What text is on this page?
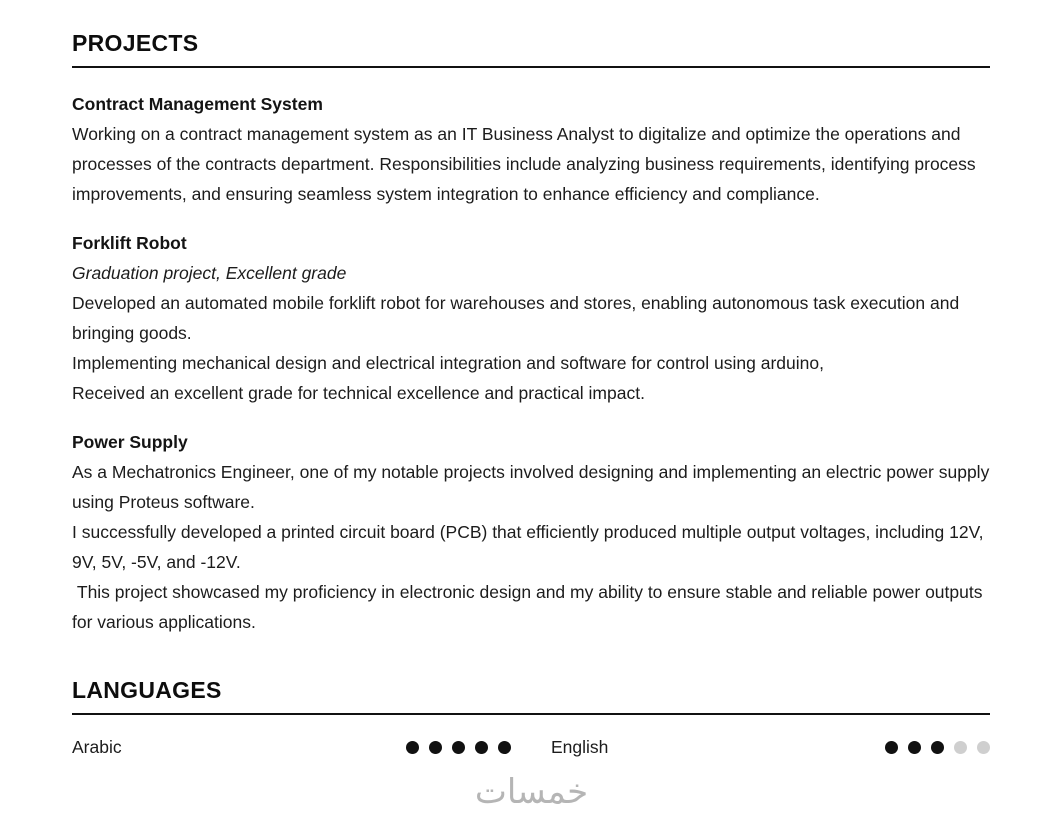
PROJECTS
Contract Management System
Working on a contract management system as an IT Business Analyst to digitalize and optimize the operations and processes of the contracts department. Responsibilities include analyzing business requirements, identifying process improvements, and ensuring seamless system integration to enhance efficiency and compliance.
Forklift Robot
Graduation project, Excellent grade
Developed an automated mobile forklift robot for warehouses and stores, enabling autonomous task execution and bringing goods.
Implementing mechanical design and electrical integration and software for control using arduino,
Received an excellent grade for technical excellence and practical impact.
Power Supply
As a Mechatronics Engineer, one of my notable projects involved designing and implementing an electric power supply using Proteus software.
I successfully developed a printed circuit board (PCB) that efficiently produced multiple output voltages, including 12V, 9V, 5V, -5V, and -12V.
This project showcased my proficiency in electronic design and my ability to ensure stable and reliable power outputs for various applications.
LANGUAGES
Arabic	English
خمسات
